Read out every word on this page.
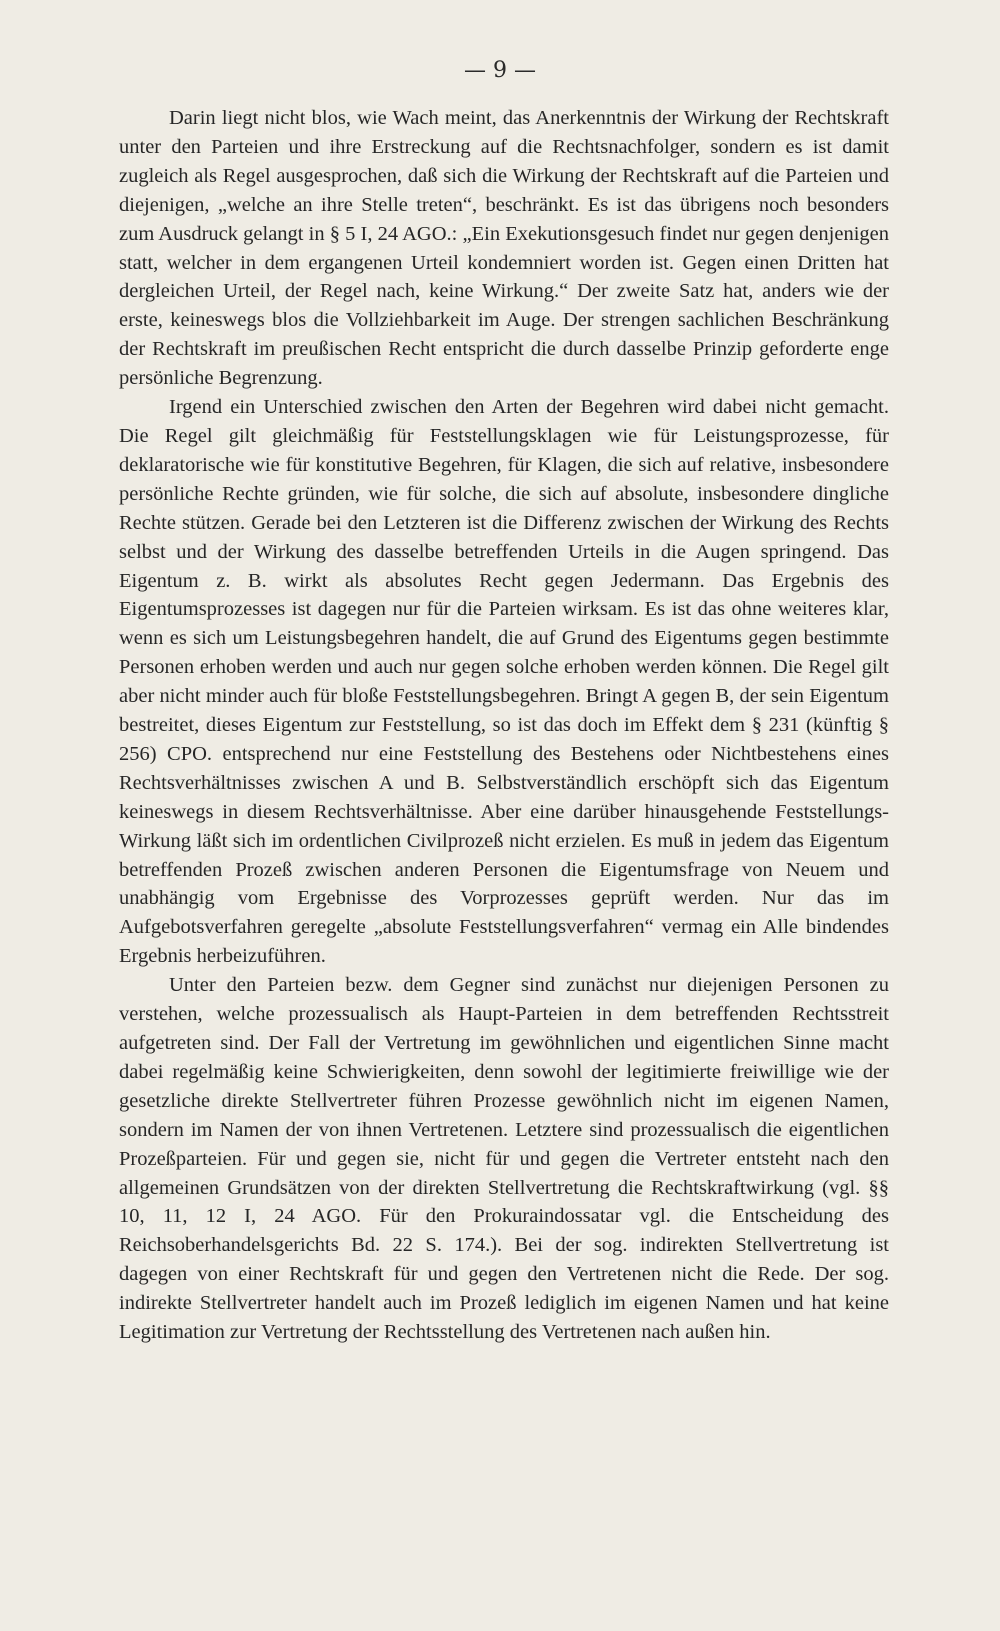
— 9 —

Darin liegt nicht blos, wie Wach meint, das Anerkenntnis der Wirkung der Rechtskraft unter den Parteien und ihre Erstreckung auf die Rechtsnachfolger, sondern es ist damit zugleich als Regel ausgesprochen, daß sich die Wirkung der Rechtskraft auf die Parteien und diejenigen, „welche an ihre Stelle treten“, beschränkt. Es ist das übrigens noch besonders zum Ausdruck gelangt in § 5 I, 24 AGO.: „Ein Exekutionsgesuch findet nur gegen denjenigen statt, welcher in dem ergangenen Urteil kondemniert worden ist. Gegen einen Dritten hat dergleichen Urteil, der Regel nach, keine Wirkung.“ Der zweite Satz hat, anders wie der erste, keineswegs blos die Vollziehbarkeit im Auge. Der strengen sachlichen Beschränkung der Rechtskraft im preußischen Recht entspricht die durch dasselbe Prinzip geforderte enge persönliche Begrenzung.

Irgend ein Unterschied zwischen den Arten der Begehren wird dabei nicht gemacht. Die Regel gilt gleichmäßig für Feststellungsklagen wie für Leistungsprozesse, für deklaratorische wie für konstitutive Begehren, für Klagen, die sich auf relative, insbesondere persönliche Rechte gründen, wie für solche, die sich auf absolute, insbesondere dingliche Rechte stützen. Gerade bei den Letzteren ist die Differenz zwischen der Wirkung des Rechts selbst und der Wirkung des dasselbe betreffenden Urteils in die Augen springend. Das Eigentum z. B. wirkt als absolutes Recht gegen Jedermann. Das Ergebnis des Eigentumsprozesses ist dagegen nur für die Parteien wirksam. Es ist das ohne weiteres klar, wenn es sich um Leistungsbegehren handelt, die auf Grund des Eigentums gegen bestimmte Personen erhoben werden und auch nur gegen solche erhoben werden können. Die Regel gilt aber nicht minder auch für bloße Feststellungsbegehren. Bringt A gegen B, der sein Eigentum bestreitet, dieses Eigentum zur Feststellung, so ist das doch im Effekt dem § 231 (künftig § 256) CPO. entsprechend nur eine Feststellung des Bestehens oder Nichtbestehens eines Rechtsverhältnisses zwischen A und B. Selbstverständlich erschöpft sich das Eigentum keineswegs in diesem Rechtsverhältnisse. Aber eine darüber hinausgehende Feststellungs-Wirkung läßt sich im ordentlichen Civilprozeß nicht erzielen. Es muß in jedem das Eigentum betreffenden Prozeß zwischen anderen Personen die Eigentumsfrage von Neuem und unabhängig vom Ergebnisse des Vorprozesses geprüft werden. Nur das im Aufgebotsverfahren geregelte „absolute Feststellungsverfahren“ vermag ein Alle bindendes Ergebnis herbeizuführen.

Unter den Parteien bezw. dem Gegner sind zunächst nur diejenigen Personen zu verstehen, welche prozessualisch als Haupt-Parteien in dem betreffenden Rechtsstreit aufgetreten sind. Der Fall der Vertretung im gewöhnlichen und eigentlichen Sinne macht dabei regelmäßig keine Schwierigkeiten, denn sowohl der legitimierte freiwillige wie der gesetzliche direkte Stellvertreter führen Prozesse gewöhnlich nicht im eigenen Namen, sondern im Namen der von ihnen Vertretenen. Letztere sind prozessualisch die eigentlichen Prozeßparteien. Für und gegen sie, nicht für und gegen die Vertreter entsteht nach den allgemeinen Grundsätzen von der direkten Stellvertretung die Rechtskraftwirkung (vgl. §§ 10, 11, 12 I, 24 AGO. Für den Prokuraindossatar vgl. die Entscheidung des Reichsoberhandelsgerichts Bd. 22 S. 174.). Bei der sog. indirekten Stellvertretung ist dagegen von einer Rechtskraft für und gegen den Vertretenen nicht die Rede. Der sog. indirekte Stellvertreter handelt auch im Prozeß lediglich im eigenen Namen und hat keine Legitimation zur Vertretung der Rechtsstellung des Vertretenen nach außen hin.
